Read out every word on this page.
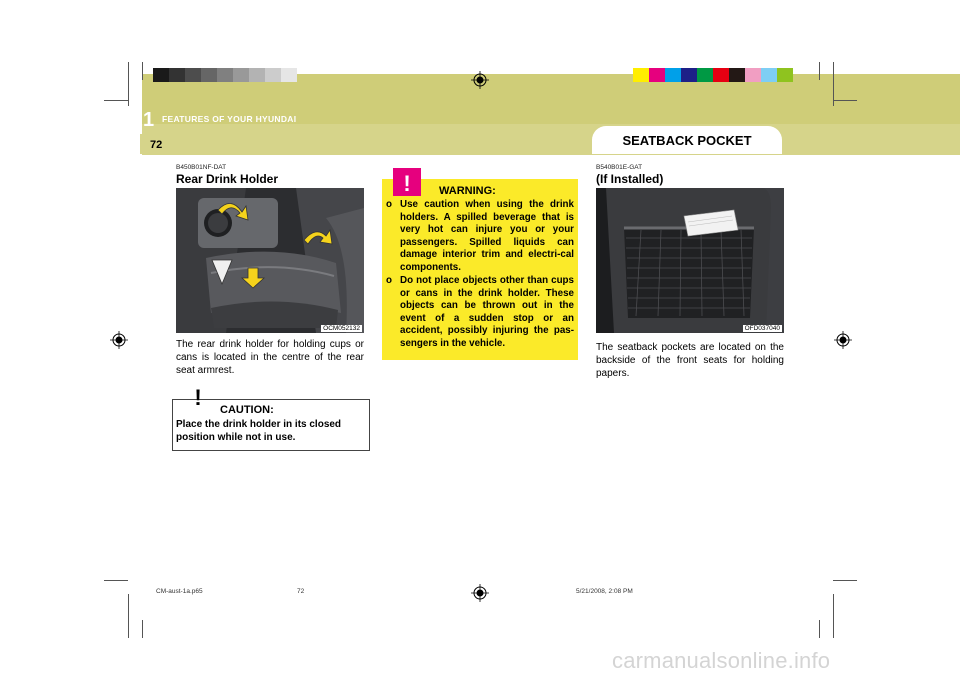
1 FEATURES OF YOUR HYUNDAI
72	SEATBACK POCKET
B450B01NF-DAT
Rear Drink Holder
OCM052132
The rear drink holder for holding cups or cans is located in the centre of the rear seat armrest.
! CAUTION:
Place the drink holder in its closed position while not in use.
!	WARNING:
o Use caution when using the drink holders. A spilled beverage that is very hot can injure you or your passengers. Spilled liquids can damage interior trim and electri-cal components.
o Do not place objects other than cups or cans in the drink holder. These objects can be thrown out in the event of a sudden stop or an accident, possibly injuring the pas-sengers in the vehicle.
B540B01E-GAT
(If Installed)
OFD037040
The seatback pockets are located on the backside of the front seats for holding papers.
CM-aust-1a.p65	72	5/21/2008, 2:08 PM
carmanualsonline.info
